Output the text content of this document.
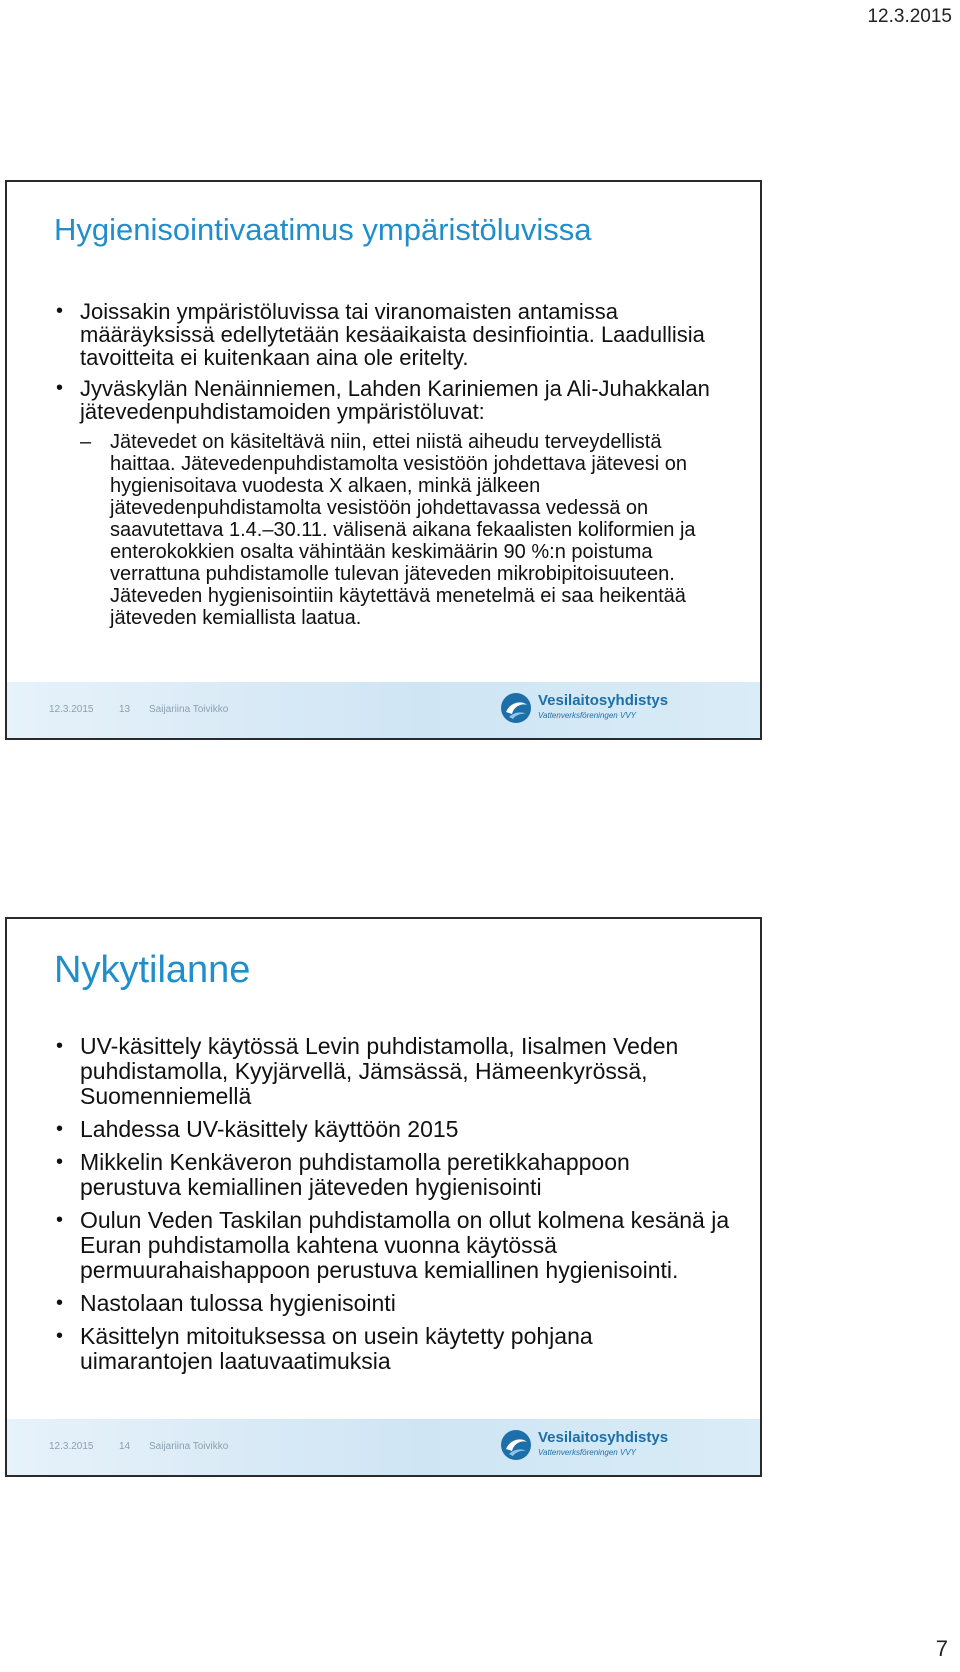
12.3.2015
Hygienisointivaatimus ympäristöluvissa
• Joissakin ympäristöluvissa tai viranomaisten antamissa määräyksissä edellytetään kesäaikaista desinfiointia. Laadullisia tavoitteita ei kuitenkaan aina ole eritelty.
• Jyväskylän Nenäinniemen, Lahden Kariniemen ja Ali-Juhakkalan jätevedenpuhdistamoiden ympäristöluvat:
– Jätevedet on käsiteltävä niin, ettei niistä aiheudu terveydellistä haittaa. Jätevedenpuhdistamolta vesistöön johdettava jätevesi on hygienisoitava vuodesta X alkaen, minkä jälkeen jätevedenpuhdistamolta vesistöön johdettavassa vedessä on saavutettava 1.4.–30.11. välisenä aikana fekaalisten koliformien ja enterokokkien osalta vähintään keskimäärin 90 %:n poistuma verrattuna puhdistamolle tulevan jäteveden mikrobipitoisuuteen. Jäteveden hygienisointiin käytettävä menetelmä ei saa heikentää jäteveden kemiallista laatua.
12.3.2015	13 Saijariina Toivikko
Vesilaitosyhdistys
Vattenverksföreningen VVY
Nykytilanne
• UV-käsittely käytössä Levin puhdistamolla, Iisalmen Veden puhdistamolla, Kyyjärvellä, Jämsässä, Hämeenkyrössä, Suomenniemellä
• Lahdessa UV-käsittely käyttöön 2015
• Mikkelin Kenkäveron puhdistamolla peretikkahappoon perustuva kemiallinen jäteveden hygienisointi
• Oulun Veden Taskilan puhdistamolla on ollut kolmena kesänä ja Euran puhdistamolla kahtena vuonna käytössä permuurahaishappoon perustuva kemiallinen hygienisointi.
• Nastolaan tulossa hygienisointi
• Käsittelyn mitoituksessa on usein käytetty pohjana uimarantojen laatuvaatimuksia
12.3.2015	14 Saijariina Toivikko
Vesilaitosyhdistys
Vattenverksföreningen VVY
7
